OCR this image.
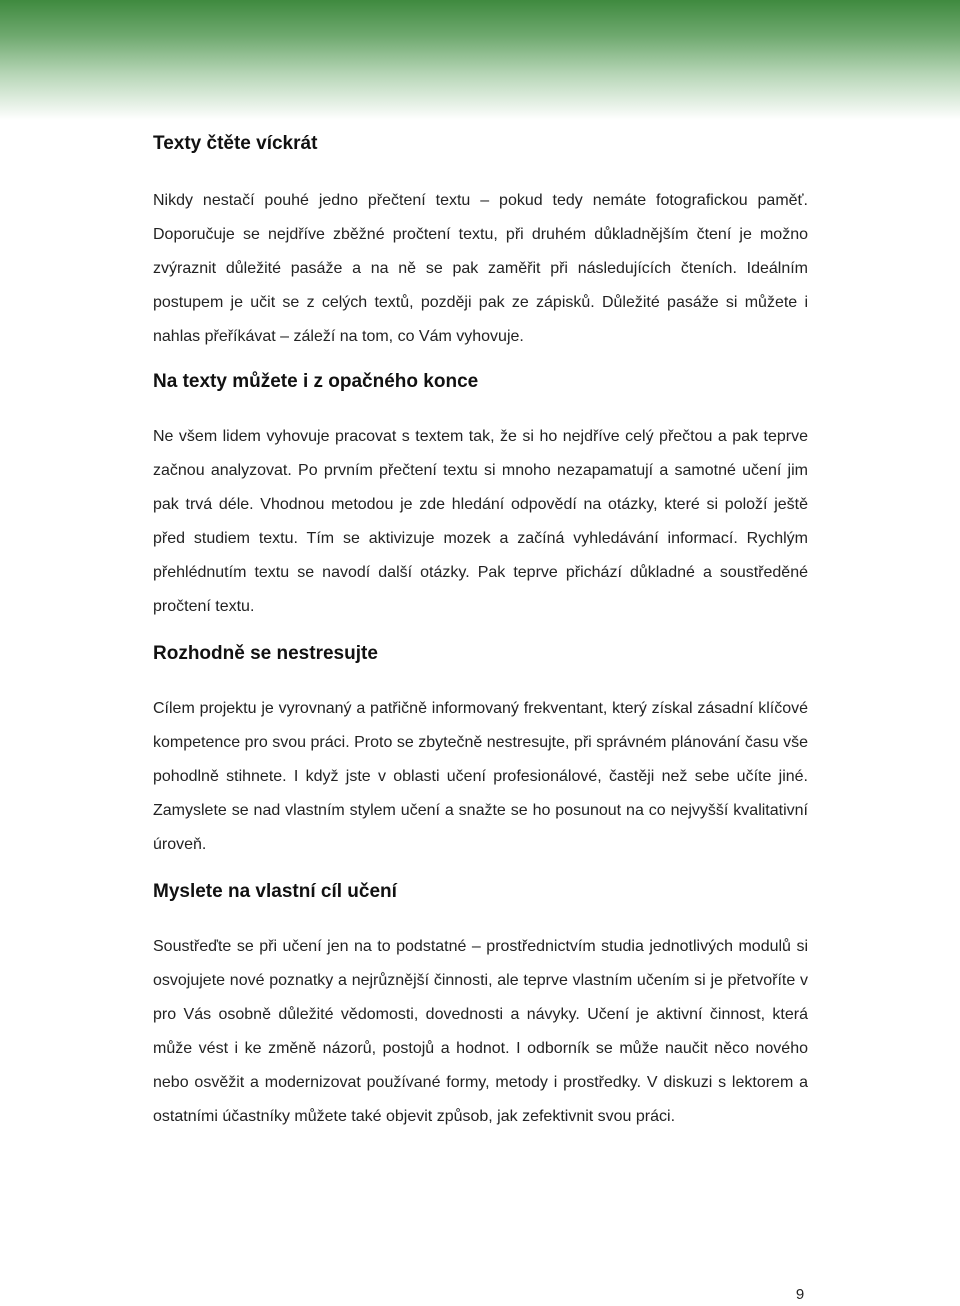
Texty čtěte víckrát

Nikdy nestačí pouhé jedno přečtení textu – pokud tedy nemáte fotografickou paměť. Doporučuje se nejdříve zběžné pročtení textu, při druhém důkladnějším čtení je možno zvýraznit důležité pasáže a na ně se pak zaměřit při následujících čteních. Ideálním postupem je učit se z celých textů, později pak ze zápisků. Důležité pasáže si můžete i nahlas přeříkávat – záleží na tom, co Vám vyhovuje.

Na texty můžete i z opačného konce

Ne všem lidem vyhovuje pracovat s textem tak, že si ho nejdříve celý přečtou a pak teprve začnou analyzovat. Po prvním přečtení textu si mnoho nezapamatují a samotné učení jim pak trvá déle. Vhodnou metodou je zde hledání odpovědí na otázky, které si položí ještě před studiem textu. Tím se aktivizuje mozek a začíná vyhledávání informací. Rychlým přehlédnutím textu se navodí další otázky. Pak teprve přichází důkladné a soustředěné pročtení textu.

Rozhodně se nestresujte

Cílem projektu je vyrovnaný a patřičně informovaný frekventant, který získal zásadní klíčové kompetence pro svou práci. Proto se zbytečně nestresujte, při správném plánování času vše pohodlně stihnete. I když jste v oblasti učení profesionálové, častěji než sebe učíte jiné. Zamyslete se nad vlastním stylem učení a snažte se ho posunout na co nejvyšší kvalitativní úroveň.

Myslete na vlastní cíl učení

Soustřeďte se při učení jen na to podstatné – prostřednictvím studia jednotlivých modulů si osvojujete nové poznatky a nejrůznější činnosti, ale teprve vlastním učením si je přetvoříte v pro Vás osobně důležité vědomosti, dovednosti a návyky. Učení je aktivní činnost, která může vést i ke změně názorů, postojů a hodnot. I odborník se může naučit něco nového nebo osvěžit a modernizovat používané formy, metody i prostředky. V diskuzi s lektorem a ostatními účastníky můžete také objevit způsob, jak zefektivnit svou práci.

9
